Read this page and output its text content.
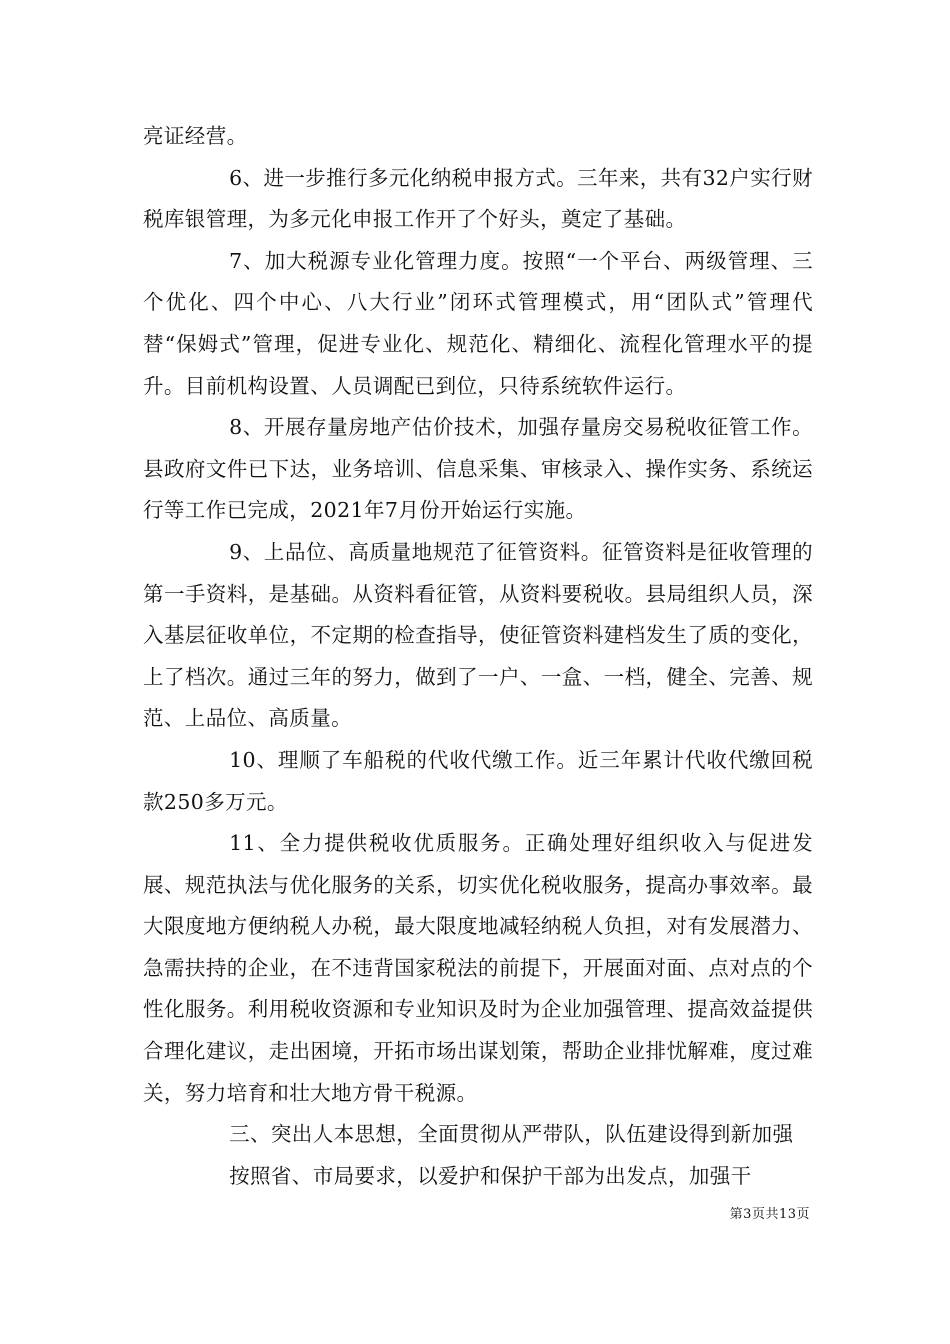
亮证经营。

6、进一步推行多元化纳税申报方式。三年来，共有32户实行财税库银管理，为多元化申报工作开了个好头，奠定了基础。

7、加大税源专业化管理力度。按照“一个平台、两级管理、三个优化、四个中心、八大行业”闭环式管理模式，用“团队式”管理代替“保姆式”管理，促进专业化、规范化、精细化、流程化管理水平的提升。目前机构设置、人员调配已到位，只待系统软件运行。

8、开展存量房地产估价技术，加强存量房交易税收征管工作。县政府文件已下达，业务培训、信息采集、审核录入、操作实务、系统运行等工作已完成，2021年7月份开始运行实施。

9、上品位、高质量地规范了征管资料。征管资料是征收管理的第一手资料，是基础。从资料看征管，从资料要税收。县局组织人员，深入基层征收单位，不定期的检查指导，使征管资料建档发生了质的变化，上了档次。通过三年的努力，做到了一户、一盒、一档，健全、完善、规范、上品位、高质量。

10、理顺了车船税的代收代缴工作。近三年累计代收代缴回税款250多万元。

11、全力提供税收优质服务。正确处理好组织收入与促进发展、规范执法与优化服务的关系，切实优化税收服务，提高办事效率。最大限度地方便纳税人办税，最大限度地减轻纳税人负担，对有发展潜力、急需扶持的企业，在不违背国家税法的前提下，开展面对面、点对点的个性化服务。利用税收资源和专业知识及时为企业加强管理、提高效益提供合理化建议，走出困境，开拓市场出谋划策，帮助企业排忧解难，度过难关，努力培育和壮大地方骨干税源。

三、突出人本思想，全面贯彻从严带队，队伍建设得到新加强

按照省、市局要求，以爱护和保护干部为出发点，加强干

第3页共13页
